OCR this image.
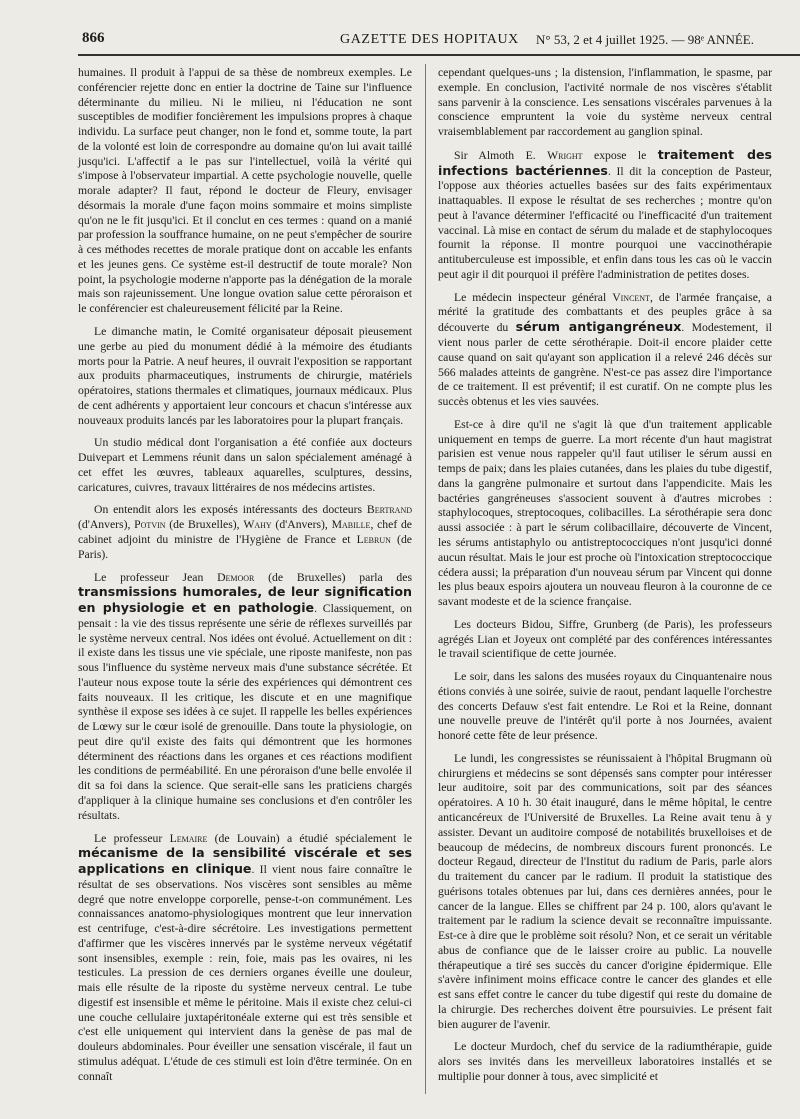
866	GAZETTE DES HOPITAUX N° 53, 2 et 4 juillet 1925. — 98ᵉ ANNÉE.

humaines. Il produit à l'appui de sa thèse de nombreux exemples. Le conférencier rejette donc en entier la doctrine de Taine sur l'influence déterminante du milieu. Ni le milieu, ni l'éducation ne sont susceptibles de modifier foncièrement les impulsions propres à chaque individu. La surface peut changer, non le fond et, somme toute, la part de la volonté est loin de correspondre au domaine qu'on lui avait taillé jusqu'ici. L'affectif a le pas sur l'intellectuel, voilà la vérité qui s'impose à l'observateur impartial. A cette psychologie nouvelle, quelle morale adapter? Il faut, répond le docteur de Fleury, envisager désormais la morale d'une façon moins sommaire et moins simpliste qu'on ne le fit jusqu'ici. Et il conclut en ces termes : quand on a manié par profession la souffrance humaine, on ne peut s'empêcher de sourire à ces méthodes recettes de morale pratique dont on accable les enfants et les jeunes gens. Ce système est-il destructif de toute morale? Non point, la psychologie moderne n'apporte pas la dénégation de la morale mais son rajeunissement. Une longue ovation salue cette péroraison et le conférencier est chaleureusement félicité par la Reine.

Le dimanche matin, le Comité organisateur déposait pieusement une gerbe au pied du monument dédié à la mémoire des étudiants morts pour la Patrie. A neuf heures, il ouvrait l'exposition se rapportant aux produits pharmaceutiques, instruments de chirurgie, matériels opératoires, stations thermales et climatiques, journaux médicaux. Plus de cent adhérents y apportaient leur concours et chacun s'intéresse aux nouveaux produits lancés par les laboratoires pour la plupart français.

Un studio médical dont l'organisation a été confiée aux docteurs Duivepart et Lemmens réunit dans un salon spécialement aménagé à cet effet les œuvres, tableaux aquarelles, sculptures, dessins, caricatures, cuivres, travaux littéraires de nos médecins artistes.

On entendit alors les exposés intéressants des docteurs Bertrand (d'Anvers), Potvin (de Bruxelles), Wahy (d'Anvers), Mabille, chef de cabinet adjoint du ministre de l'Hygiène de France et Lebrun (de Paris).

Le professeur Jean Demoor (de Bruxelles) parla des transmissions humorales, de leur signification en physiologie et en pathologie. Classiquement, on pensait : la vie des tissus représente une série de réflexes surveillés par le système nerveux central. Nos idées ont évolué. Actuellement on dit : il existe dans les tissus une vie spéciale, une riposte manifeste, non pas sous l'influence du système nerveux mais d'une substance sécrétée. Et l'auteur nous expose toute la série des expériences qui démontrent ces faits nouveaux. Il les critique, les discute et en une magnifique synthèse il expose ses idées à ce sujet. Il rappelle les belles expériences de Lœwy sur le cœur isolé de grenouille. Dans toute la physiologie, on peut dire qu'il existe des faits qui démontrent que les hormones déterminent des réactions dans les organes et ces réactions modifient les conditions de perméabilité. En une péroraison d'une belle envolée il dit sa foi dans la science. Que serait-elle sans les praticiens chargés d'appliquer à la clinique humaine ses conclusions et d'en contrôler les résultats.

Le professeur Lemaire (de Louvain) a étudié spécialement le mécanisme de la sensibilité viscérale et ses applications en clinique. Il vient nous faire connaître le résultat de ses observations. Nos viscères sont sensibles au même degré que notre enveloppe corporelle, pense-t-on communément. Les connaissances anatomo-physiologiques montrent que leur innervation est centrifuge, c'est-à-dire sécrétoire. Les investigations permettent d'affirmer que les viscères innervés par le système nerveux végétatif sont insensibles, exemple : rein, foie, mais pas les ovaires, ni les testicules. La pression de ces derniers organes éveille une douleur, mais elle résulte de la riposte du système nerveux central. Le tube digestif est insensible et même le péritoine. Mais il existe chez celui-ci une couche cellulaire juxtapéritonéale externe qui est très sensible et c'est elle uniquement qui intervient dans la genèse de pas mal de douleurs abdominales. Pour éveiller une sensation viscérale, il faut un stimulus adéquat. L'étude de ces stimuli est loin d'être terminée. On en connaît

cependant quelques-uns ; la distension, l'inflammation, le spasme, par exemple. En conclusion, l'activité normale de nos viscères s'établit sans parvenir à la conscience. Les sensations viscérales parvenues à la conscience empruntent la voie du système nerveux central vraisemblablement par raccordement au ganglion spinal.

Sir Almoth E. Wright expose le traitement des infections bactériennes. Il dit la conception de Pasteur, l'oppose aux théories actuelles basées sur des faits expérimentaux inattaquables. Il expose le résultat de ses recherches ; montre qu'on peut à l'avance déterminer l'efficacité ou l'inefficacité d'un traitement vaccinal. Là mise en contact de sérum du malade et de staphylocoques fournit la réponse. Il montre pourquoi une vaccinothérapie antituberculeuse est impossible, et enfin dans tous les cas où le vaccin peut agir il dit pourquoi il préfère l'administration de petites doses.

Le médecin inspecteur général Vincent, de l'armée française, a mérité la gratitude des combattants et des peuples grâce à sa découverte du sérum antigangréneux. Modestement, il vient nous parler de cette sérothérapie. Doit-il encore plaider cette cause quand on sait qu'ayant son application il a relevé 246 décès sur 566 malades atteints de gangrène. N'est-ce pas assez dire l'importance de ce traitement. Il est préventif; il est curatif. On ne compte plus les succès obtenus et les vies sauvées.

Est-ce à dire qu'il ne s'agit là que d'un traitement applicable uniquement en temps de guerre. La mort récente d'un haut magistrat parisien est venue nous rappeler qu'il faut utiliser le sérum aussi en temps de paix; dans les plaies cutanées, dans les plaies du tube digestif, dans la gangrène pulmonaire et surtout dans l'appendicite. Mais les bactéries gangréneuses s'associent souvent à d'autres microbes : staphylocoques, streptocoques, colibacilles. La sérothérapie sera donc aussi associée : à part le sérum colibacillaire, découverte de Vincent, les sérums antistaphylo ou antistreptococciques n'ont jusqu'ici donné aucun résultat. Mais le jour est proche où l'intoxication streptococcique cédera aussi; la préparation d'un nouveau sérum par Vincent qui donne les plus beaux espoirs ajoutera un nouveau fleuron à la couronne de ce savant modeste et de la science française.

Les docteurs Bidou, Siffre, Grunberg (de Paris), les professeurs agrégés Lian et Joyeux ont complété par des conférences intéressantes le travail scientifique de cette journée.

Le soir, dans les salons des musées royaux du Cinquantenaire nous étions conviés à une soirée, suivie de raout, pendant laquelle l'orchestre des concerts Defauw s'est fait entendre. Le Roi et la Reine, donnant une nouvelle preuve de l'intérêt qu'il porte à nos Journées, avaient honoré cette fête de leur présence.

Le lundi, les congressistes se réunissaient à l'hôpital Brugmann où chirurgiens et médecins se sont dépensés sans compter pour intéresser leur auditoire, soit par des communications, soit par des séances opératoires. A 10 h. 30 était inauguré, dans le même hôpital, le centre anticancéreux de l'Université de Bruxelles. La Reine avait tenu à y assister. Devant un auditoire composé de notabilités bruxelloises et de beaucoup de médecins, de nombreux discours furent prononcés. Le docteur Regaud, directeur de l'Institut du radium de Paris, parle alors du traitement du cancer par le radium. Il produit la statistique des guérisons totales obtenues par lui, dans ces dernières années, pour le cancer de la langue. Elles se chiffrent par 24 p. 100, alors qu'avant le traitement par le radium la science devait se reconnaître impuissante. Est-ce à dire que le problème soit résolu? Non, et ce serait un véritable abus de confiance que de le laisser croire au public. La nouvelle thérapeutique a tiré ses succès du cancer d'origine épidermique. Elle s'avère infiniment moins efficace contre le cancer des glandes et elle est sans effet contre le cancer du tube digestif qui reste du domaine de la chirurgie. Des recherches doivent être poursuivies. Le présent fait bien augurer de l'avenir.

Le docteur Murdoch, chef du service de la radiumthérapie, guide alors ses invités dans les merveilleux laboratoires installés et se multiplie pour donner à tous, avec simplicité et
